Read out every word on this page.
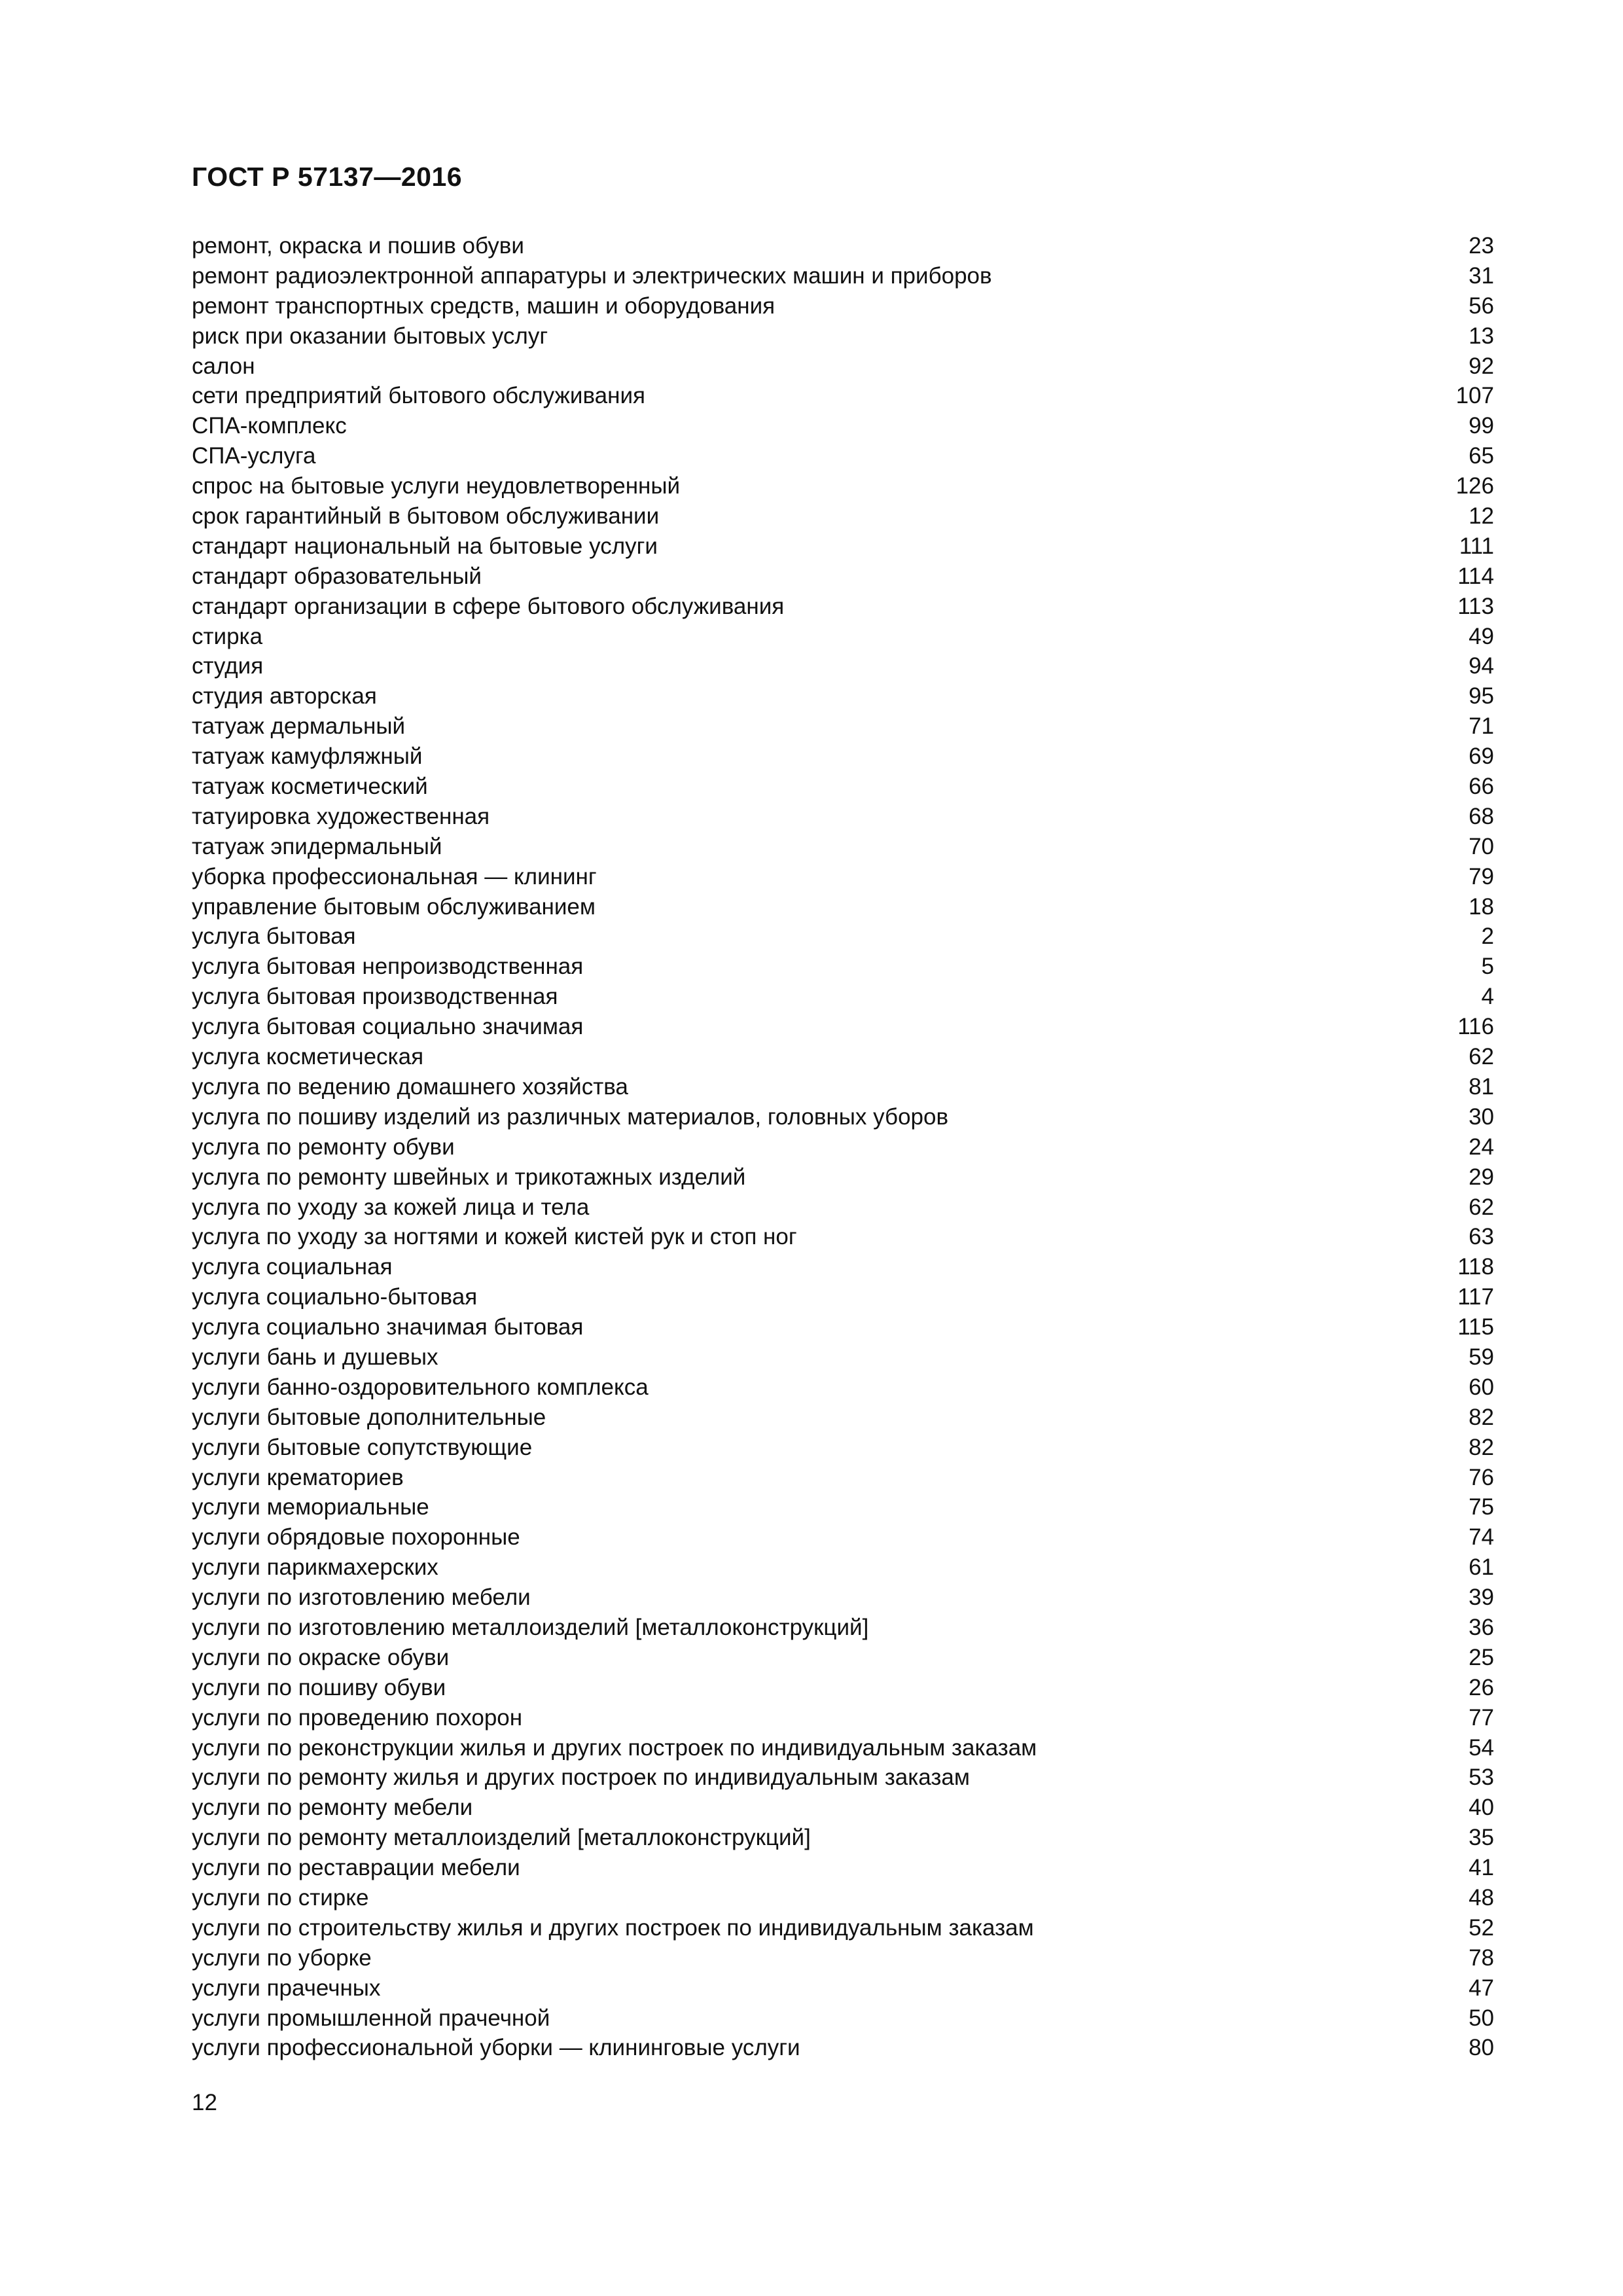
ГОСТ Р 57137—2016
ремонт, окраска и пошив обуви	23
ремонт радиоэлектронной аппаратуры и электрических машин и приборов	31
ремонт транспортных средств, машин и оборудования	56
риск при оказании бытовых услуг	13
салон	92
сети предприятий бытового обслуживания	107
СПА-комплекс	99
СПА-услуга	65
спрос на бытовые услуги неудовлетворенный	126
срок гарантийный в бытовом обслуживании	12
стандарт национальный на бытовые услуги	111
стандарт образовательный	114
стандарт организации в сфере бытового обслуживания	113
стирка	49
студия	94
студия авторская	95
татуаж дермальный	71
татуаж камуфляжный	69
татуаж косметический	66
татуировка художественная	68
татуаж эпидермальный	70
уборка профессиональная — клининг	79
управление бытовым обслуживанием	18
услуга бытовая	2
услуга бытовая непроизводственная	5
услуга бытовая производственная	4
услуга бытовая социально значимая	116
услуга косметическая	62
услуга по ведению домашнего хозяйства	81
услуга по пошиву изделий из различных материалов, головных уборов	30
услуга по ремонту обуви	24
услуга по ремонту швейных и трикотажных изделий	29
услуга по уходу за кожей лица и тела	62
услуга по уходу за ногтями и кожей кистей рук и стоп ног	63
услуга социальная	118
услуга социально-бытовая	117
услуга социально значимая бытовая	115
услуги бань и душевых	59
услуги банно-оздоровительного комплекса	60
услуги бытовые дополнительные	82
услуги бытовые сопутствующие	82
услуги крематориев	76
услуги мемориальные	75
услуги обрядовые похоронные	74
услуги парикмахерских	61
услуги по изготовлению мебели	39
услуги по изготовлению металлоизделий [металлоконструкций]	36
услуги по окраске обуви	25
услуги по пошиву обуви	26
услуги по проведению похорон	77
услуги по реконструкции жилья и других построек по индивидуальным заказам	54
услуги по ремонту жилья и других построек по индивидуальным заказам	53
услуги по ремонту мебели	40
услуги по ремонту металлоизделий [металлоконструкций]	35
услуги по реставрации мебели	41
услуги по стирке	48
услуги по строительству жилья и других построек по индивидуальным заказам	52
услуги по уборке	78
услуги прачечных	47
услуги промышленной прачечной	50
услуги профессиональной уборки — клининговые услуги	80
12
